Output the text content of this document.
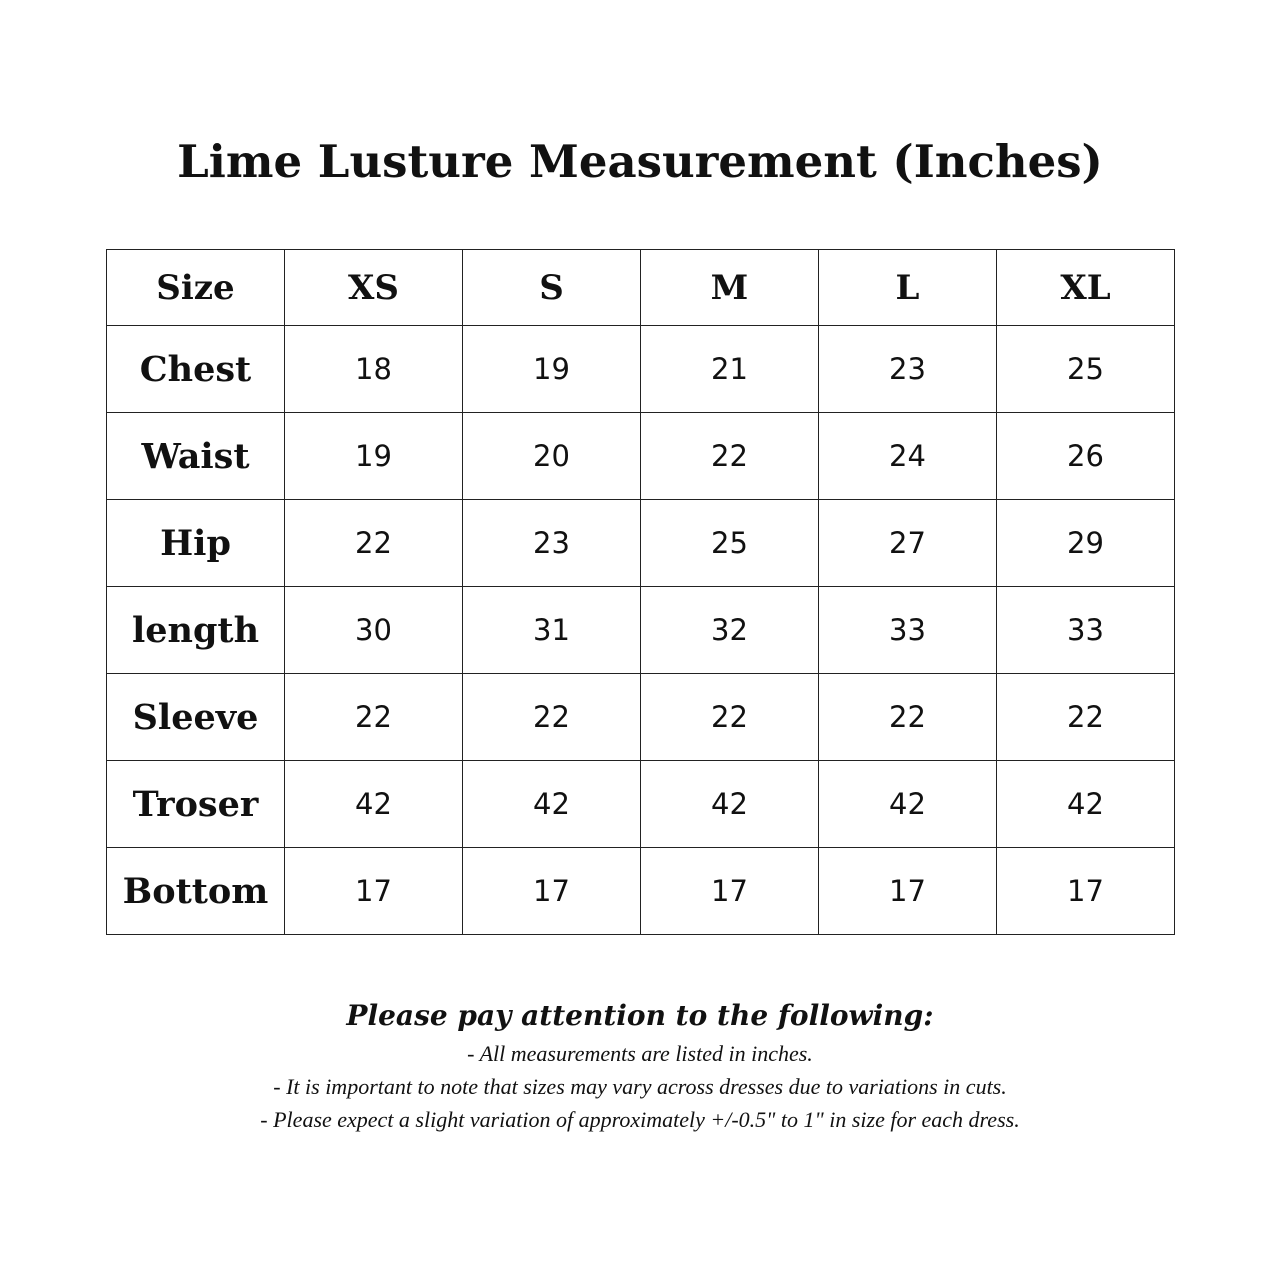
Lime Lusture Measurement (Inches)
Size	XS	S	M	L	XL
Chest	18	19	21	23	25
Waist	19	20	22	24	26
Hip	22	23	25	27	29
length	30	31	32	33	33
Sleeve	22	22	22	22	22
Troser	42	42	42	42	42
Bottom	17	17	17	17	17

Please pay attention to the following:

- All measurements are listed in inches.

- It is important to note that sizes may vary across dresses due to variations in cuts.

- Please expect a slight variation of approximately +/-0.5" to 1" in size for each dress.
